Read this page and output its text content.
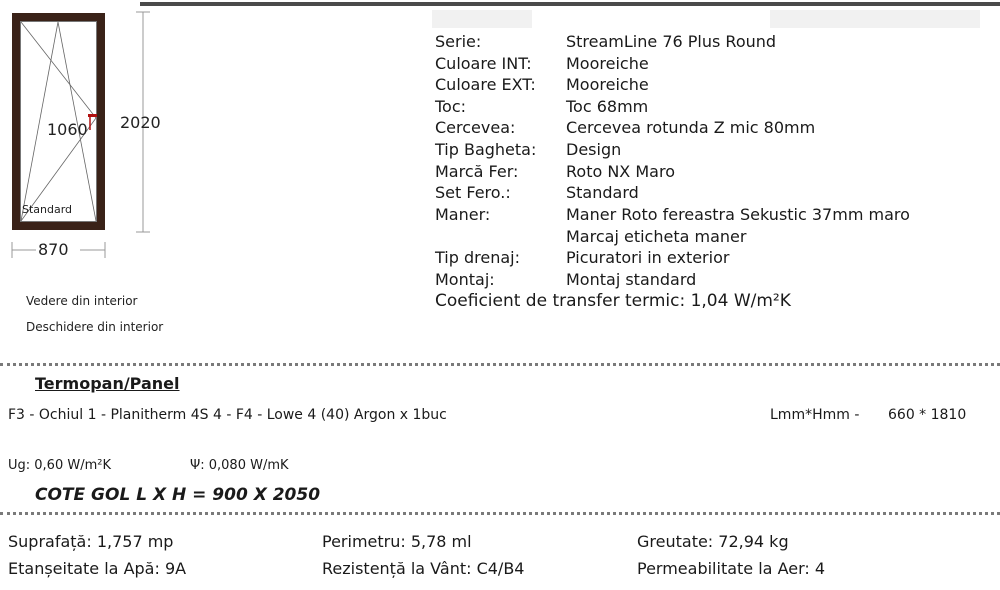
1060 2020
870
Standard
Vedere din interior
Deschidere din interior
Serie:	StreamLine 76 Plus Round
Culoare INT: Mooreiche
Culoare EXT: Mooreiche
Toc:	Toc 68mm
Cercevea:	Cercevea rotunda Z mic 80mm
Tip Bagheta: Design
Marcă Fer:	Roto NX Maro
Set Fero.:	Standard
Maner:	Maner Roto fereastra Sekustic 37mm maro
Marcaj eticheta maner
Tip drenaj:	Picuratori in exterior
Montaj:	Montaj standard
Coeficient de transfer termic: 1,04 W/m²K
Termopan/Panel
F3 - Ochiul 1 - Planitherm 4S 4 - F4 - Lowe 4 (40) Argon x 1buc	Lmm*Hmm - 660 * 1810
Ug: 0,60 W/m²K	Ψ: 0,080 W/mK
COTE GOL L X H = 900 X 2050
Suprafață: 1,757 mp	Perimetru: 5,78 ml	Greutate: 72,94 kg
Etanșeitate la Apă: 9A	Rezistență la Vânt: C4/B4	Permeabilitate la Aer: 4
